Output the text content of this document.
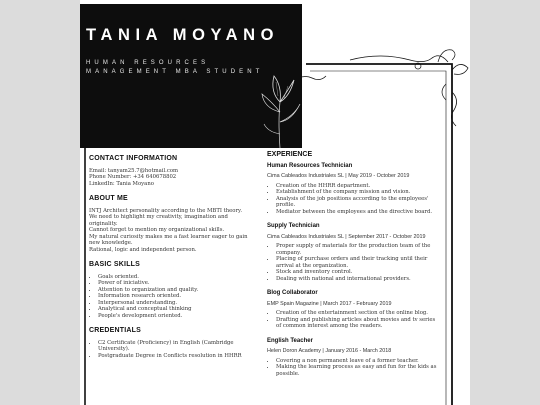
TANIA MOYANO
HUMAN RESOURCES
MANAGEMENT MBA STUDENT
CONTACT INFORMATION
Email: tanyam25.7@hotmail.com
Phone Number: +34 640678802
LinkedIn: Tania Moyano
ABOUT ME
INTJ Architect personality according to the MBTI theory.
We need to highlight my creativity, imagination and
originality.
Cannot forget to mention my organizational skills.
My natural curiosity makes me a fast learner eager to gain
new knowledge.
Rational, logic and independent person.
BASIC SKILLS
• Goals oriented.
• Power of iniciative.
• Attention to organization and quality.
• Information research oriented.
• Interpersonal understanding.
• Analytical and conceptual thinking
• People's development oriented.
CREDENTIALS
• C2 Certificate (Proficiency) in English (Cambridge University).
• Postgraduate Degree in Conflicts resolution in HHRR
EXPERIENCE
Human Resources Technician
Cima Cableados Industriales SL | May 2019 - October 2019
• Creation of the HHRR department.
• Establishment of the company mission and vision.
• Analysis of the job positions according to the employees' profile.
• Mediator between the employees and the directive board.
Supply Technician
Cima Cableados Industriales SL | September 2017 - October 2019
• Proper supply of materials for the production team of the company.
• Placing of purchase orders and their tracking until their arrival at the organization.
• Stock and inventory control.
• Dealing with national and international providers.
Blog Collaborator
EMP Spain Magazine | March 2017 - February 2019
• Creation of the entertainment section of the online blog.
• Drafting and publishing articles about movies and tv series of common interest among the readers.
English Teacher
Helen Doron Academy | January 2016 - March 2018
• Covering a non permanent leave of a former teacher.
• Making the learning process as easy and fun for the kids as possible.
